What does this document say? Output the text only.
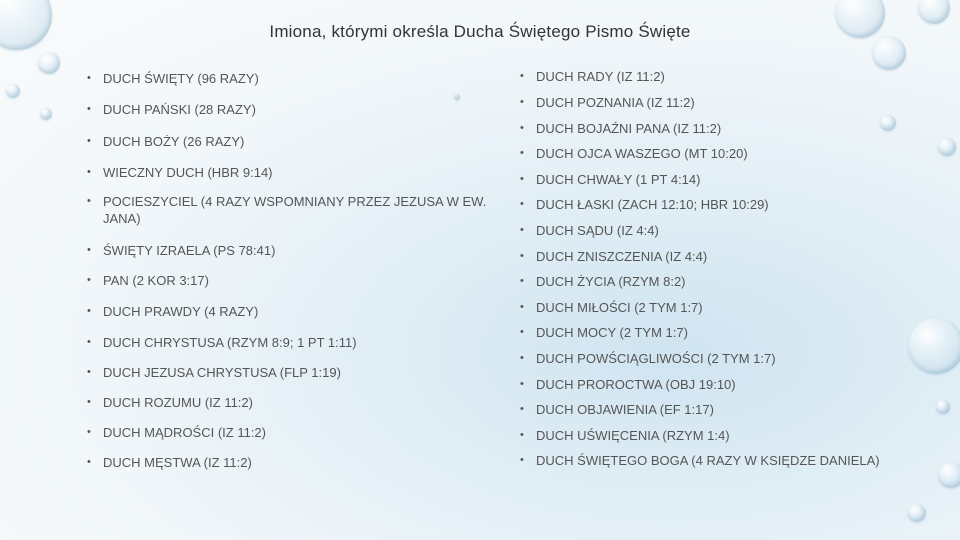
Imiona, którymi określa Ducha Świętego Pismo Święte
• DUCH ŚWIĘTY (96 RAZY)
• DUCH PAŃSKI (28 RAZY)
• DUCH BOŻY (26 RAZY)
• WIECZNY DUCH (HBR 9:14)
• POCIESZYCIEL (4 RAZY WSPOMNIANY PRZEZ JEZUSA W EW. JANA)
• ŚWIĘTY IZRAELA (PS 78:41)
• PAN (2 KOR 3:17)
• DUCH PRAWDY (4 RAZY)
• DUCH CHRYSTUSA (RZYM 8:9; 1 PT 1:11)
• DUCH JEZUSA CHRYSTUSA (FLP 1:19)
• DUCH ROZUMU (IZ 11:2)
• DUCH MĄDROŚCI (IZ 11:2)
• DUCH MĘSTWA (IZ 11:2)
• DUCH RADY (IZ 11:2)
• DUCH POZNANIA (IZ 11:2)
• DUCH BOJAŹNI PANA (IZ 11:2)
• DUCH OJCA WASZEGO (MT 10:20)
• DUCH CHWAŁY (1 PT 4:14)
• DUCH ŁASKI (ZACH 12:10; HBR 10:29)
• DUCH SĄDU (IZ 4:4)
• DUCH ZNISZCZENIA (IZ 4:4)
• DUCH ŻYCIA (RZYM 8:2)
• DUCH MIŁOŚCI (2 TYM 1:7)
• DUCH MOCY (2 TYM 1:7)
• DUCH POWŚCIĄGLIWOŚCI (2 TYM 1:7)
• DUCH PROROCTWA (OBJ 19:10)
• DUCH OBJAWIENIA (EF 1:17)
• DUCH UŚWIĘCENIA (RZYM 1:4)
• DUCH ŚWIĘTEGO BOGA (4 RAZY W KSIĘDZE DANIELA)
